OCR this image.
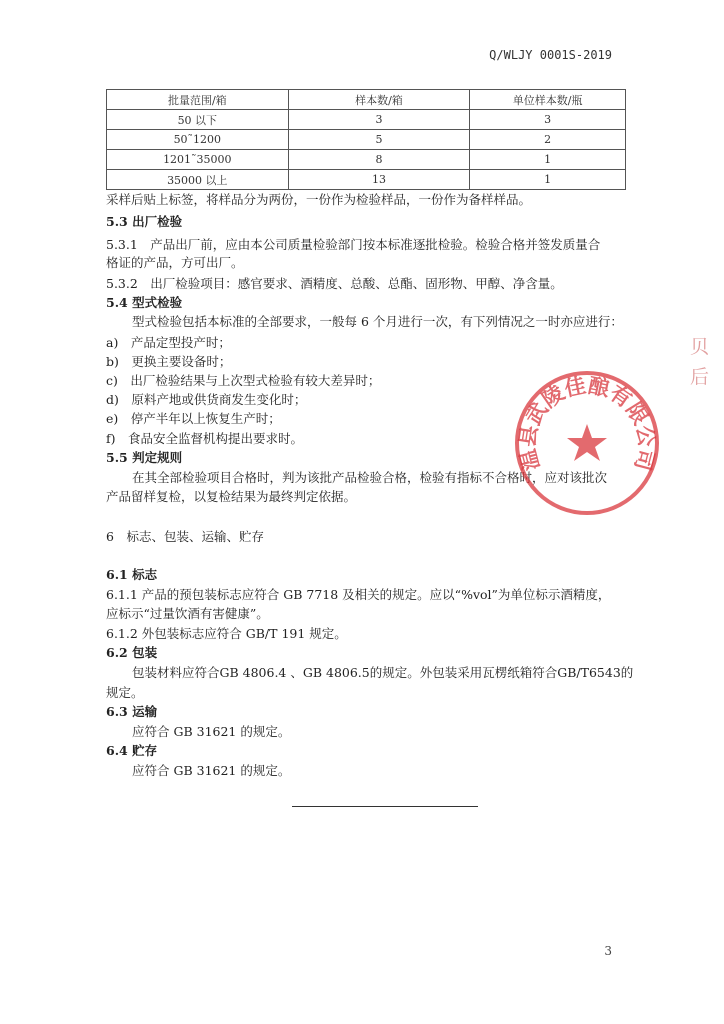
Q/WLJY 0001S-2019
批量范围/箱	样本数/箱	单位样本数/瓶
50 以下	3	3
50˜1200	5	2
1201˜35000	8	1
35000 以上	13	1
采样后贴上标签，将样品分为两份，一份作为检验样品，一份作为备样样品。
5.3 出厂检验
5.3.1　产品出厂前，应由本公司质量检验部门按本标准逐批检验。检验合格并签发质量合
格证的产品，方可出厂。
5.3.2　出厂检验项目：感官要求、酒精度、总酸、总酯、固形物、甲醇、净含量。
5.4 型式检验
型式检验包括本标准的全部要求，一般每 6 个月进行一次，有下列情况之一时亦应进行：
a)　产品定型投产时；
b)　更换主要设备时；
c)　出厂检验结果与上次型式检验有较大差异时；
d)　原料产地或供货商发生变化时；
e)　停产半年以上恢复生产时；
f)　食品安全监督机构提出要求时。
5.5 判定规则
在其全部检验项目合格时，判为该批产品检验合格，检验有指标不合格时，应对该批次
产品留样复检，以复检结果为最终判定依据。
6　标志、包装、运输、贮存
6.1 标志
6.1.1 产品的预包装标志应符合 GB 7718 及相关的规定。应以“%vol”为单位标示酒精度，
应标示“过量饮酒有害健康”。
6.1.2 外包装标志应符合 GB/T 191 规定。
6.2 包装
包装材料应符合GB 4806.4 、GB 4806.5的规定。外包装采用瓦楞纸箱符合GB/T6543的
规定。
6.3 运输
应符合 GB 31621 的规定。
6.4 贮存
应符合 GB 31621 的规定。
3
温县武陵佳酿有限公司
贝
后
